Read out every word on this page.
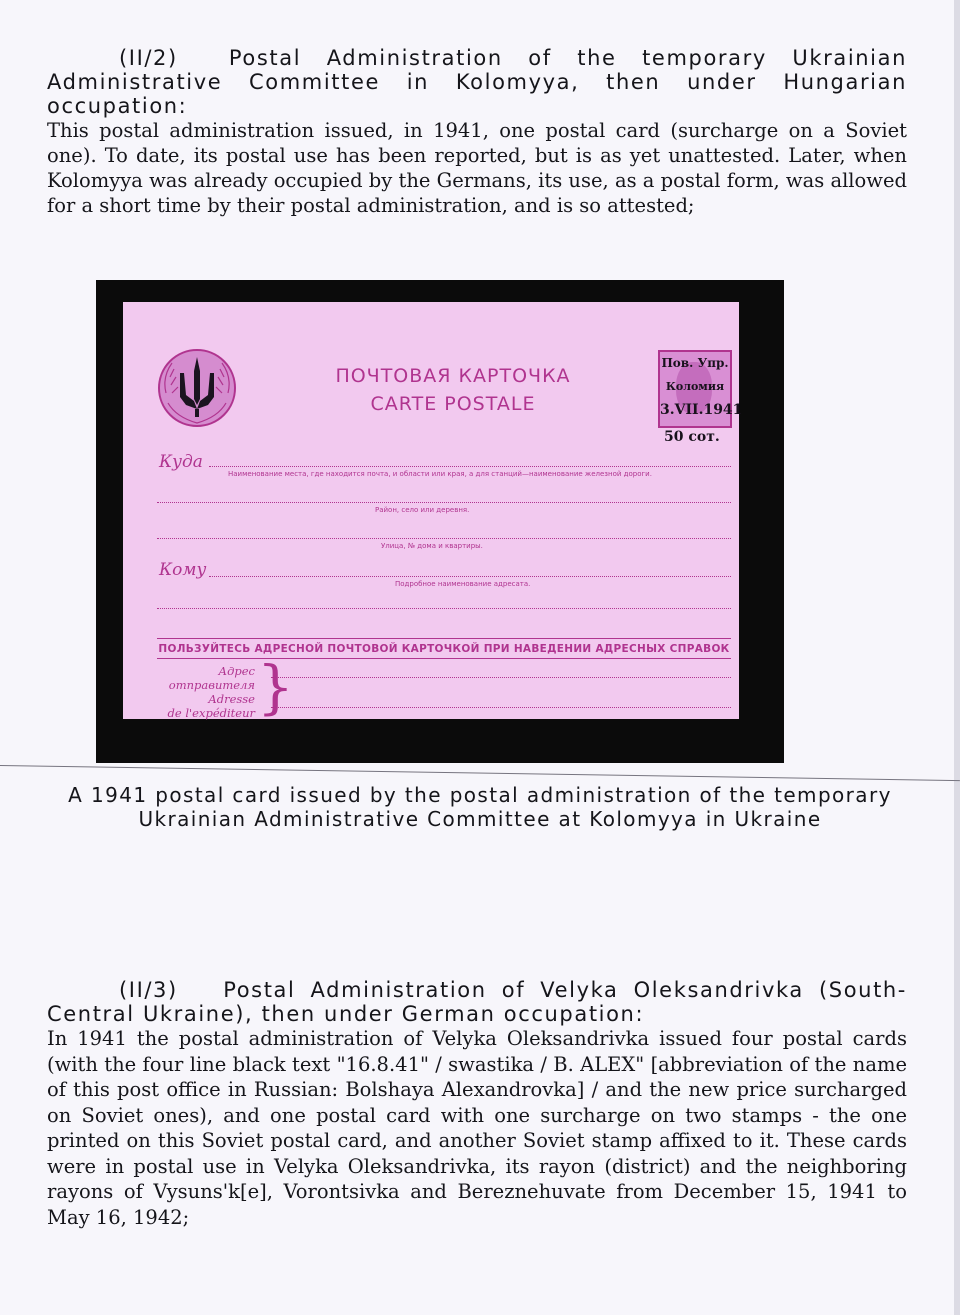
(II/2) Postal Administration of the temporary Ukrainian Administrative Committee in Kolomyya, then under Hungarian occupation:

This postal administration issued, in 1941, one postal card (surcharge on a Soviet one). To date, its postal use has been reported, but is as yet unattested. Later, when Kolomyya was already occupied by the Germans, its use, as a postal form, was allowed for a short time by their postal administration, and is so attested;

ПОЧТОВАЯ КАРТОЧКА
CARTE POSTALE
Пов. Упр.
Коломия
3.VII.1941
50 сот.
Куда
Наименование места, где находится почта, и области или края, а для станций—наименование железной дороги.
Район, село или деревня.
Улица, № дома и квартиры.
Кому
Подробное наименование адресата.
ПОЛЬЗУЙТЕСЬ АДРЕСНОЙ ПОЧТОВОЙ КАРТОЧКОЙ ПРИ НАВЕДЕНИИ АДРЕСНЫХ СПРАВОК
Адрес
отправителя
Adresse
de l'expéditeur }
A 1941 postal card issued by the postal administration of the temporary Ukrainian Administrative Committee at Kolomyya in Ukraine
(II/3) Postal Administration of Velyka Oleksandrivka (South-Central Ukraine), then under German occupation:

In 1941 the postal administration of Velyka Oleksandrivka issued four postal cards (with the four line black text "16.8.41" / swastika / B. ALEX" [abbreviation of the name of this post office in Russian: Bolshaya Alexandrovka] / and the new price surcharged on Soviet ones), and one postal card with one surcharge on two stamps - the one printed on this Soviet postal card, and another Soviet stamp affixed to it. These cards were in postal use in Velyka Oleksandrivka, its rayon (district) and the neighboring rayons of Vysuns'k[e], Vorontsivka and Bereznehuvate from December 15, 1941 to May 16, 1942;
